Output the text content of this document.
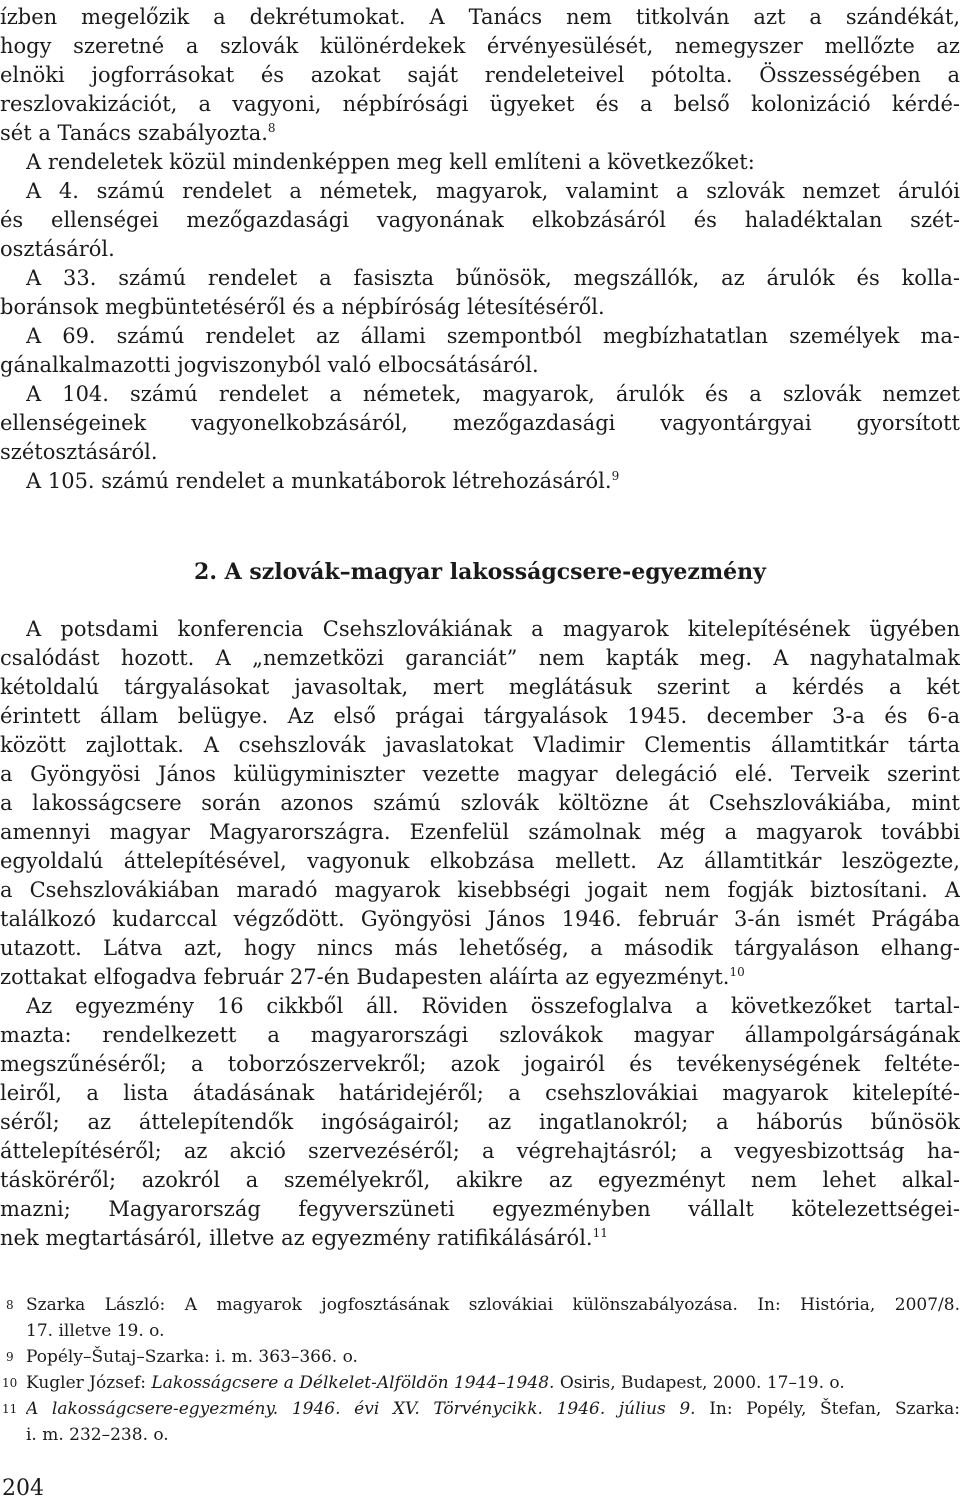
ízben megelőzik a dekrétumokat. A Tanács nem titkolván azt a szándékát,
hogy szeretné a szlovák különérdekek érvényesülését, nemegyszer mellőzte az
elnöki jogforrásokat és azokat saját rendeleteivel pótolta. Összességében a
reszlovakizációt, a vagyoni, népbírósági ügyeket és a belső kolonizáció kérdé-
sét a Tanács szabályozta.$^8$
A rendeletek közül mindenképpen meg kell említeni a következőket:
A 4. számú rendelet a németek, magyarok, valamint a szlovák nemzet árulói
és ellenségei mezőgazdasági vagyonának elkobzásáról és haladéktalan szét-
osztásáról.
A 33. számú rendelet a fasiszta bűnösök, megszállók, az árulók és kolla-
boránsok megbüntetéséről és a népbíróság létesítéséről.
A 69. számú rendelet az állami szempontból megbízhatatlan személyek ma-
gánalkalmazotti jogviszonyból való elbocsátásáról.
A 104. számú rendelet a németek, magyarok, árulók és a szlovák nemzet
ellenségeinek vagyonelkobzásáról, mezőgazdasági vagyontárgyai gyorsított
szétosztásáról.
A 105. számú rendelet a munkatáborok létrehozásáról.$^9$
2. A szlovák–magyar lakosságcsere-egyezmény
A potsdami konferencia Csehszlovákiának a magyarok kitelepítésének ügyében
csalódást hozott. A „nemzetközi garanciát” nem kapták meg. A nagyhatalmak
kétoldalú tárgyalásokat javasoltak, mert meglátásuk szerint a kérdés a két
érintett állam belügye. Az első prágai tárgyalások 1945. december 3-a és 6-a
között zajlottak. A csehszlovák javaslatokat Vladimir Clementis államtitkár tárta
a Gyöngyösi János külügyminiszter vezette magyar delegáció elé. Terveik szerint
a lakosságcsere során azonos számú szlovák költözne át Csehszlovákiába, mint
amennyi magyar Magyarországra. Ezenfelül számolnak még a magyarok további
egyoldalú áttelepítésével, vagyonuk elkobzása mellett. Az államtitkár leszögezte,
a Csehszlovákiában maradó magyarok kisebbségi jogait nem fogják biztosítani. A
találkozó kudarccal végződött. Gyöngyösi János 1946. február 3-án ismét Prágába
utazott. Látva azt, hogy nincs más lehetőség, a második tárgyaláson elhang-
zottakat elfogadva február 27-én Budapesten aláírta az egyezményt.$^{10}$
Az egyezmény 16 cikkből áll. Röviden összefoglalva a következőket tartal-
mazta: rendelkezett a magyarországi szlovákok magyar állampolgárságának
megszűnéséről; a toborzószervekről; azok jogairól és tevékenységének feltéte-
leiről, a lista átadásának határidejéről; a csehszlovákiai magyarok kitelepíté-
séről; az áttelepítendők ingóságairól; az ingatlanokról; a háborús bűnösök
áttelepítéséről; az akció szervezéséről; a végrehajtásról; a vegyesbizottság ha-
tásköréről; azokról a személyekről, akikre az egyezményt nem lehet alkal-
mazni; Magyarország fegyverszüneti egyezményben vállalt kötelezettségei-
nek megtartásáról, illetve az egyezmény ratifikálásáról.$^{11}$
8 Szarka László: A magyarok jogfosztásának szlovákiai különszabályozása. In: História, 2007/8.
17. illetve 19. o.
9 Popély–Šutaj–Szarka: i. m. 363–366. o.
10 Kugler József: Lakosságcsere a Délkelet-Alföldön 1944–1948. Osiris, Budapest, 2000. 17–19. o.
11 A lakosságcsere-egyezmény. 1946. évi XV. Törvénycikk. 1946. július 9. In: Popély, Štefan, Szarka:
i. m. 232–238. o.
204
